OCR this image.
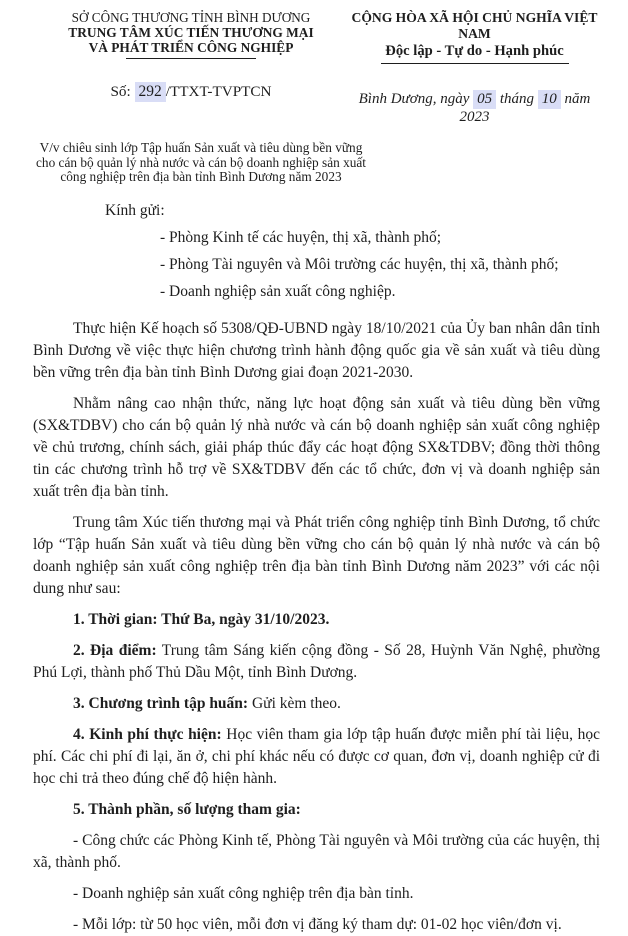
SỞ CÔNG THƯƠNG TỈNH BÌNH DƯƠNG
TRUNG TÂM XÚC TIẾN THƯƠNG MẠI
VÀ PHÁT TRIỂN CÔNG NGHIỆP
Số: 292 /TTXT-TVPTCN
CỘNG HÒA XÃ HỘI CHỦ NGHĨA VIỆT NAM
Độc lập - Tự do - Hạnh phúc
Bình Dương, ngày 05 tháng 10 năm 2023
V/v chiêu sinh lớp Tập huấn Sản xuất và tiêu dùng bền vững cho cán bộ quản lý nhà nước và cán bộ doanh nghiệp sản xuất công nghiệp trên địa bàn tỉnh Bình Dương năm 2023

Kính gửi:

- Phòng Kinh tế các huyện, thị xã, thành phố;

- Phòng Tài nguyên và Môi trường các huyện, thị xã, thành phố;

- Doanh nghiệp sản xuất công nghiệp.

Thực hiện Kế hoạch số 5308/QĐ-UBND ngày 18/10/2021 của Ủy ban nhân dân tỉnh Bình Dương về việc thực hiện chương trình hành động quốc gia về sản xuất và tiêu dùng bền vững trên địa bàn tỉnh Bình Dương giai đoạn 2021-2030.

Nhằm nâng cao nhận thức, năng lực hoạt động sản xuất và tiêu dùng bền vững (SX&TDBV) cho cán bộ quản lý nhà nước và cán bộ doanh nghiệp sản xuất công nghiệp về chủ trương, chính sách, giải pháp thúc đẩy các hoạt động SX&TDBV; đồng thời thông tin các chương trình hỗ trợ về SX&TDBV đến các tổ chức, đơn vị và doanh nghiệp sản xuất trên địa bàn tỉnh.

Trung tâm Xúc tiến thương mại và Phát triển công nghiệp tỉnh Bình Dương, tổ chức lớp “Tập huấn Sản xuất và tiêu dùng bền vững cho cán bộ quản lý nhà nước và cán bộ doanh nghiệp sản xuất công nghiệp trên địa bàn tỉnh Bình Dương năm 2023” với các nội dung như sau:

1. Thời gian: Thứ Ba, ngày 31/10/2023.

2. Địa điểm: Trung tâm Sáng kiến cộng đồng - Số 28, Huỳnh Văn Nghệ, phường Phú Lợi, thành phố Thủ Dầu Một, tỉnh Bình Dương.

3. Chương trình tập huấn: Gửi kèm theo.

4. Kinh phí thực hiện: Học viên tham gia lớp tập huấn được miễn phí tài liệu, học phí. Các chi phí đi lại, ăn ở, chi phí khác nếu có được cơ quan, đơn vị, doanh nghiệp cử đi học chi trả theo đúng chế độ hiện hành.

5. Thành phần, số lượng tham gia:

- Công chức các Phòng Kinh tế, Phòng Tài nguyên và Môi trường của các huyện, thị xã, thành phố.

- Doanh nghiệp sản xuất công nghiệp trên địa bàn tỉnh.

- Mỗi lớp: từ 50 học viên, mỗi đơn vị đăng ký tham dự: 01-02 học viên/đơn vị.
